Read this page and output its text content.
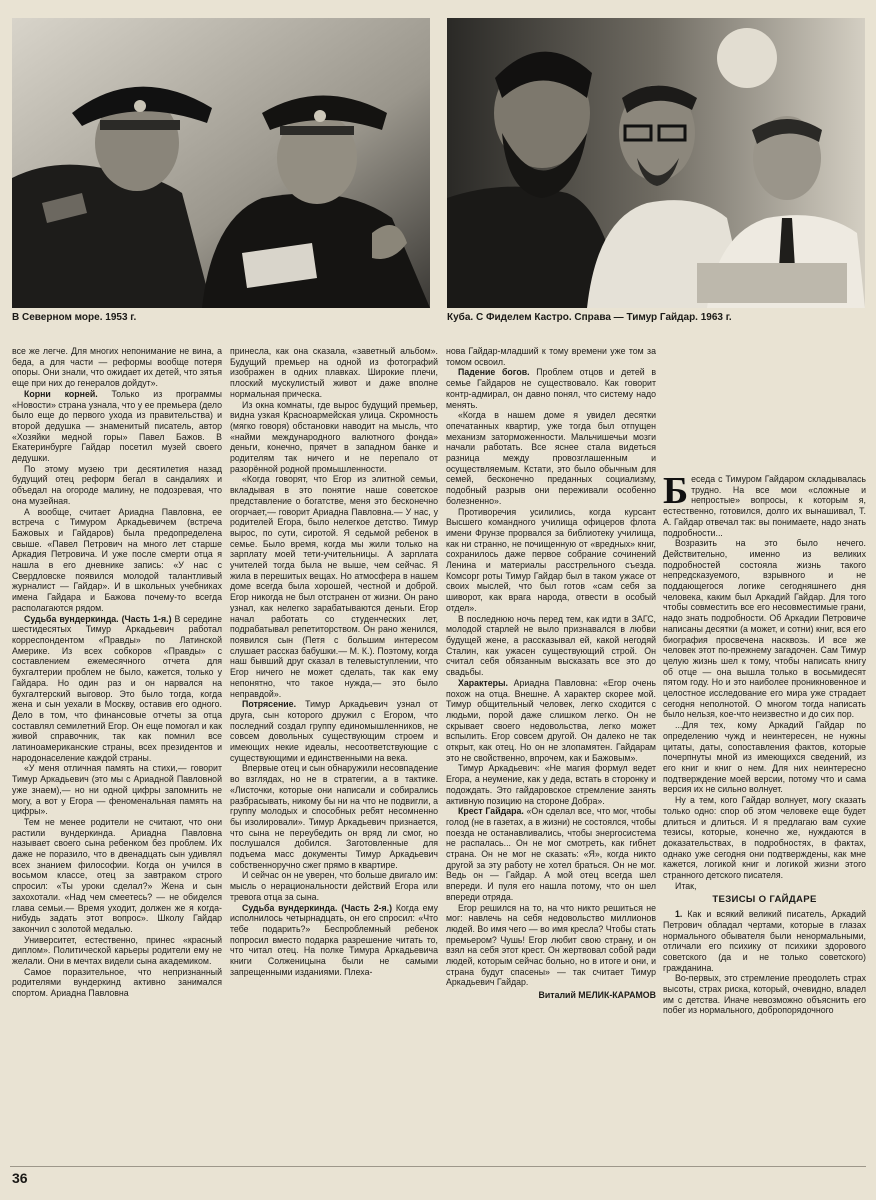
В Северном море. 1953 г.	Куба. С Фиделем Кастро. Справа — Тимур Гайдар. 1963 г.

все же легче. Для многих непонимание не вина, а беда, а для части — реформы вообще потеря опоры. Они знали, что ожидает их детей, что зятья еще при них до генералов дойдут».

Корни корней. Только из программы «Новости» страна узнала, что у ее премьера (дело было еще до первого ухода из правительства) и второй дедушка — знаменитый писатель, автор «Хозяйки медной горы» Павел Бажов. В Екатеринбурге Гайдар посетил музей своего дедушки.

По этому музею три десятилетия назад будущий отец реформ бегал в сандалиях и объедал на огороде малину, не подозревая, что она музейная.

А вообще, считает Ариадна Павловна, ее встреча с Тимуром Аркадьевичем (встреча Бажовых и Гайдаров) была предопределена свыше. «Павел Петрович на много лет старше Аркадия Петровича. И уже после смерти отца я нашла в его дневнике запись: «У нас с Свердловске появился молодой талантливый журналист — Гайдар». И в школьных учебниках имена Гайдара и Бажова почему-то всегда располагаются рядом.

Судьба вундеркинда. (Часть 1-я.) В середине шестидесятых Тимур Аркадьевич работал корреспондентом «Правды» по Латинской Америке. Из всех собкоров «Правды» с составлением ежемесячного отчета для бухгалтерии проблем не было, кажется, только у Гайдара. Но один раз и он нарвался на бухгалтерский выговор. Это было тогда, когда жена и сын уехали в Москву, оставив его одного. Дело в том, что финансовые отчеты за отца составлял семилетний Егор. Он еще помогал и как живой справочник, так как помнил все латиноамериканские страны, всех президентов и народонаселение каждой страны.

«У меня отличная память на стихи,— говорит Тимур Аркадьевич (это мы с Ариадной Павловной уже знаем),— но ни одной цифры запомнить не могу, а вот у Егора — феноменальная память на цифры».

Тем не менее родители не считают, что они растили вундеркинда. Ариадна Павловна называет своего сына ребенком без проблем. Их даже не поразило, что в двенадцать сын удивлял всех знанием философии. Когда он учился в восьмом классе, отец за завтраком строго спросил: «Ты уроки сделал?» Жена и сын захохотали. «Над чем смеетесь? — не обиделся глава семьи.— Время уходит, должен же я когда-нибудь задать этот вопрос». Школу Гайдар закончил с золотой медалью.

Университет, естественно, принес «красный диплом». Политической карьеры родители ему не желали. Они в мечтах видели сына академиком.

Самое поразительное, что непризнанный родителями вундеркинд активно занимался спортом. Ариадна Павловна

принесла, как она сказала, «заветный альбом». Будущий премьер на одной из фотографий изображен в одних плавках. Широкие плечи, плоский мускулистый живот и даже вполне нормальная прическа.

Из окна комнаты, где вырос будущий премьер, видна узкая Красноармейская улица. Скромность (мягко говоря) обстановки наводит на мысль, что «найми международного валютного фонда» деньги, конечно, прячет в западном банке и родителям так ничего и не перепало от разорённой родной промышленности.

«Когда говорят, что Егор из элитной семьи, вкладывая в это понятие наше советское представление о богатстве, меня это бесконечно огорчает,— говорит Ариадна Павловна.— У нас, у родителей Егора, было нелегкое детство. Тимур вырос, по сути, сиротой. Я седьмой ребенок в семье. Было время, когда мы жили только на зарплату моей тети-учительницы. А зарплата учителей тогда была не выше, чем сейчас. Я жила в перешитых вещах. Но атмосфера в нашем доме всегда была хорошей, честной и доброй. Егор никогда не был отстранен от жизни. Он рано узнал, как нелегко зарабатываются деньги. Егор начал работать со студенческих лет, подрабатывал репетиторством. Он рано женился, появился сын (Петя с большим интересом слушает рассказ бабушки.— М. К.). Поэтому, когда наш бывший друг сказал в телевыступлении, что Егор ничего не может сделать, так как ему непонятно, что такое нужда,— это было неправдой».

Потрясение. Тимур Аркадьевич узнал от друга, сын которого дружил с Егором, что последний создал группу единомышленников, не совсем довольных существующим строем и имеющих некие идеалы, несоответствующие с существующими и единственными на века.

Впервые отец и сын обнаружили несовпадение во взглядах, но не в стратегии, а в тактике. «Листочки, которые они написали и собирались разбрасывать, никому бы ни на что не подвигли, а группу молодых и способных ребят несомненно бы изолировали». Тимур Аркадьевич признается, что сына не переубедить он вряд ли смог, но послушался добился. Заготовленные для подъема масс документы Тимур Аркадьевич собственноручно сжег прямо в квартире.

И сейчас он не уверен, что больше двигало им: мысль о нерациональности действий Егора или тревога отца за сына.

Судьба вундеркинда. (Часть 2-я.) Когда ему исполнилось четырнадцать, он его спросил: «Что тебе подарить?» Беспроблемный ребенок попросил вместо подарка разрешение читать то, что читал отец. На полке Тимура Аркадьевича книги Солженицына были не самыми запрещенными изданиями. Плеха-

нова Гайдар-младший к тому времени уже том за томом освоил.

Падение богов. Проблем отцов и детей в семье Гайдаров не существовало. Как говорит контр-адмирал, он давно понял, что систему надо менять.

«Когда в нашем доме я увидел десятки опечатанных квартир, уже тогда был отпущен механизм заторможенности. Мальчишечьи мозги начали работать. Все яснее стала видеться разница между провозглашенным и осуществляемым. Кстати, это было обычным для семей, бесконечно преданных социализму, подобный разрыв они переживали особенно болезненно».

Противоречия усилились, когда курсант Высшего командного училища офицеров флота имени Фрунзе прорвался за библиотеку училища, как ни странно, не почищенную от «вредных» книг, сохранилось даже первое собрание сочинений Ленина и материалы расстрельного съезда. Комсорг роты Тимур Гайдар был в таком ужасе от своих мыслей, что был готов «сам себя за шиворот, как врага народа, отвести в особый отдел».

В последнюю ночь перед тем, как идти в ЗАГС, молодой старлей не выло признавался в любви будущей жене, а рассказывал ей, какой негодяй Сталин, как ужасен существующий строй. Он считал себя обязанным высказать все это до свадьбы.

Характеры. Ариадна Павловна: «Егор очень похож на отца. Внешне. А характер скорее мой. Тимур общительный человек, легко сходится с людьми, порой даже слишком легко. Он не скрывает своего недовольства, легко может вспылить. Егор совсем другой. Он далеко не так открыт, как отец. Но он не злопамятен. Гайдарам это не свойственно, впрочем, как и Бажовым».

Тимур Аркадьевич: «Не магия формул ведет Егора, а неумение, как у деда, встать в сторонку и подождать. Это гайдаровское стремление занять активную позицию на стороне Добра».

Крест Гайдара. «Он сделал все, что мог, чтобы голод (не в газетах, а в жизни) не состоялся, чтобы поезда не останавливались, чтобы энергосистема не распалась... Он не мог смотреть, как гибнет страна. Он не мог не сказать: «Я», когда никто другой за эту работу не хотел браться. Он не мог. Ведь он — Гайдар. А мой отец всегда шел впереди. И пуля его нашла потому, что он шел впереди отряда.

Егор решился на то, на что никто решиться не мог: навлечь на себя недовольство миллионов людей. Во имя чего — во имя кресла? Чтобы стать премьером? Чушь! Егор любит свою страну, и он взял на себя этот крест. Он жертвовал собой ради людей, которым сейчас больно, но в итоге и они, и страна будут спасены» — так считает Тимур Аркадьевич Гайдар.

Виталий МЕЛИК-КАРАМОВ

Беседа с Тимуром Гайдаром складывалась трудно. На все мои «сложные и непростые» вопросы, к которым я, естественно, готовился, долго их вынашивал, Т. А. Гайдар отвечал так: вы понимаете, надо знать подробности...

Возразить на это было нечего. Действительно, именно из великих подробностей состояла жизнь такого непредсказуемого, взрывного и не поддающегося логике сегодняшнего дня человека, каким был Аркадий Гайдар. Для того чтобы совместить все его несовместимые грани, надо знать подробности. Об Аркадии Петровиче написаны десятки (а может, и сотни) книг, вся его биография просвечена насквозь. И все же человек этот по-прежнему загадочен. Сам Тимур целую жизнь шел к тому, чтобы написать книгу об отце — она вышла только в восьмидесят пятом году. Но и это наиболее проникновенное и целостное исследование его мира уже страдает сегодня неполнотой. О многом тогда написать было нельзя, кое-что неизвестно и до сих пор.

...Для тех, кому Аркадий Гайдар по определению чужд и неинтересен, не нужны цитаты, даты, сопоставления фактов, которые почерпнуты мной из имеющихся сведений, из его книг и книг о нем. Для них неинтересно подтверждение моей версии, потому что и сама версия их не сильно волнует.

Ну а тем, кого Гайдар волнует, могу сказать только одно: спор об этом человеке еще будет длиться и длиться. И я предлагаю вам сухие тезисы, которые, конечно же, нуждаются в доказательствах, в подробностях, в фактах, однако уже сегодня они подтверждены, как мне кажется, логикой книг и логикой жизни этого странного детского писателя.

Итак,

ТЕЗИСЫ О ГАЙДАРЕ

1. Как и всякий великий писатель, Аркадий Петрович обладал чертами, которые в глазах нормального обывателя были ненормальными, отличали его психику от психики здорового советского (да и не только советского) гражданина.

Во-первых, это стремление преодолеть страх высоты, страх риска, который, очевидно, владел им с детства. Иначе невозможно объяснить его побег из нормального, добропорядочного

36
